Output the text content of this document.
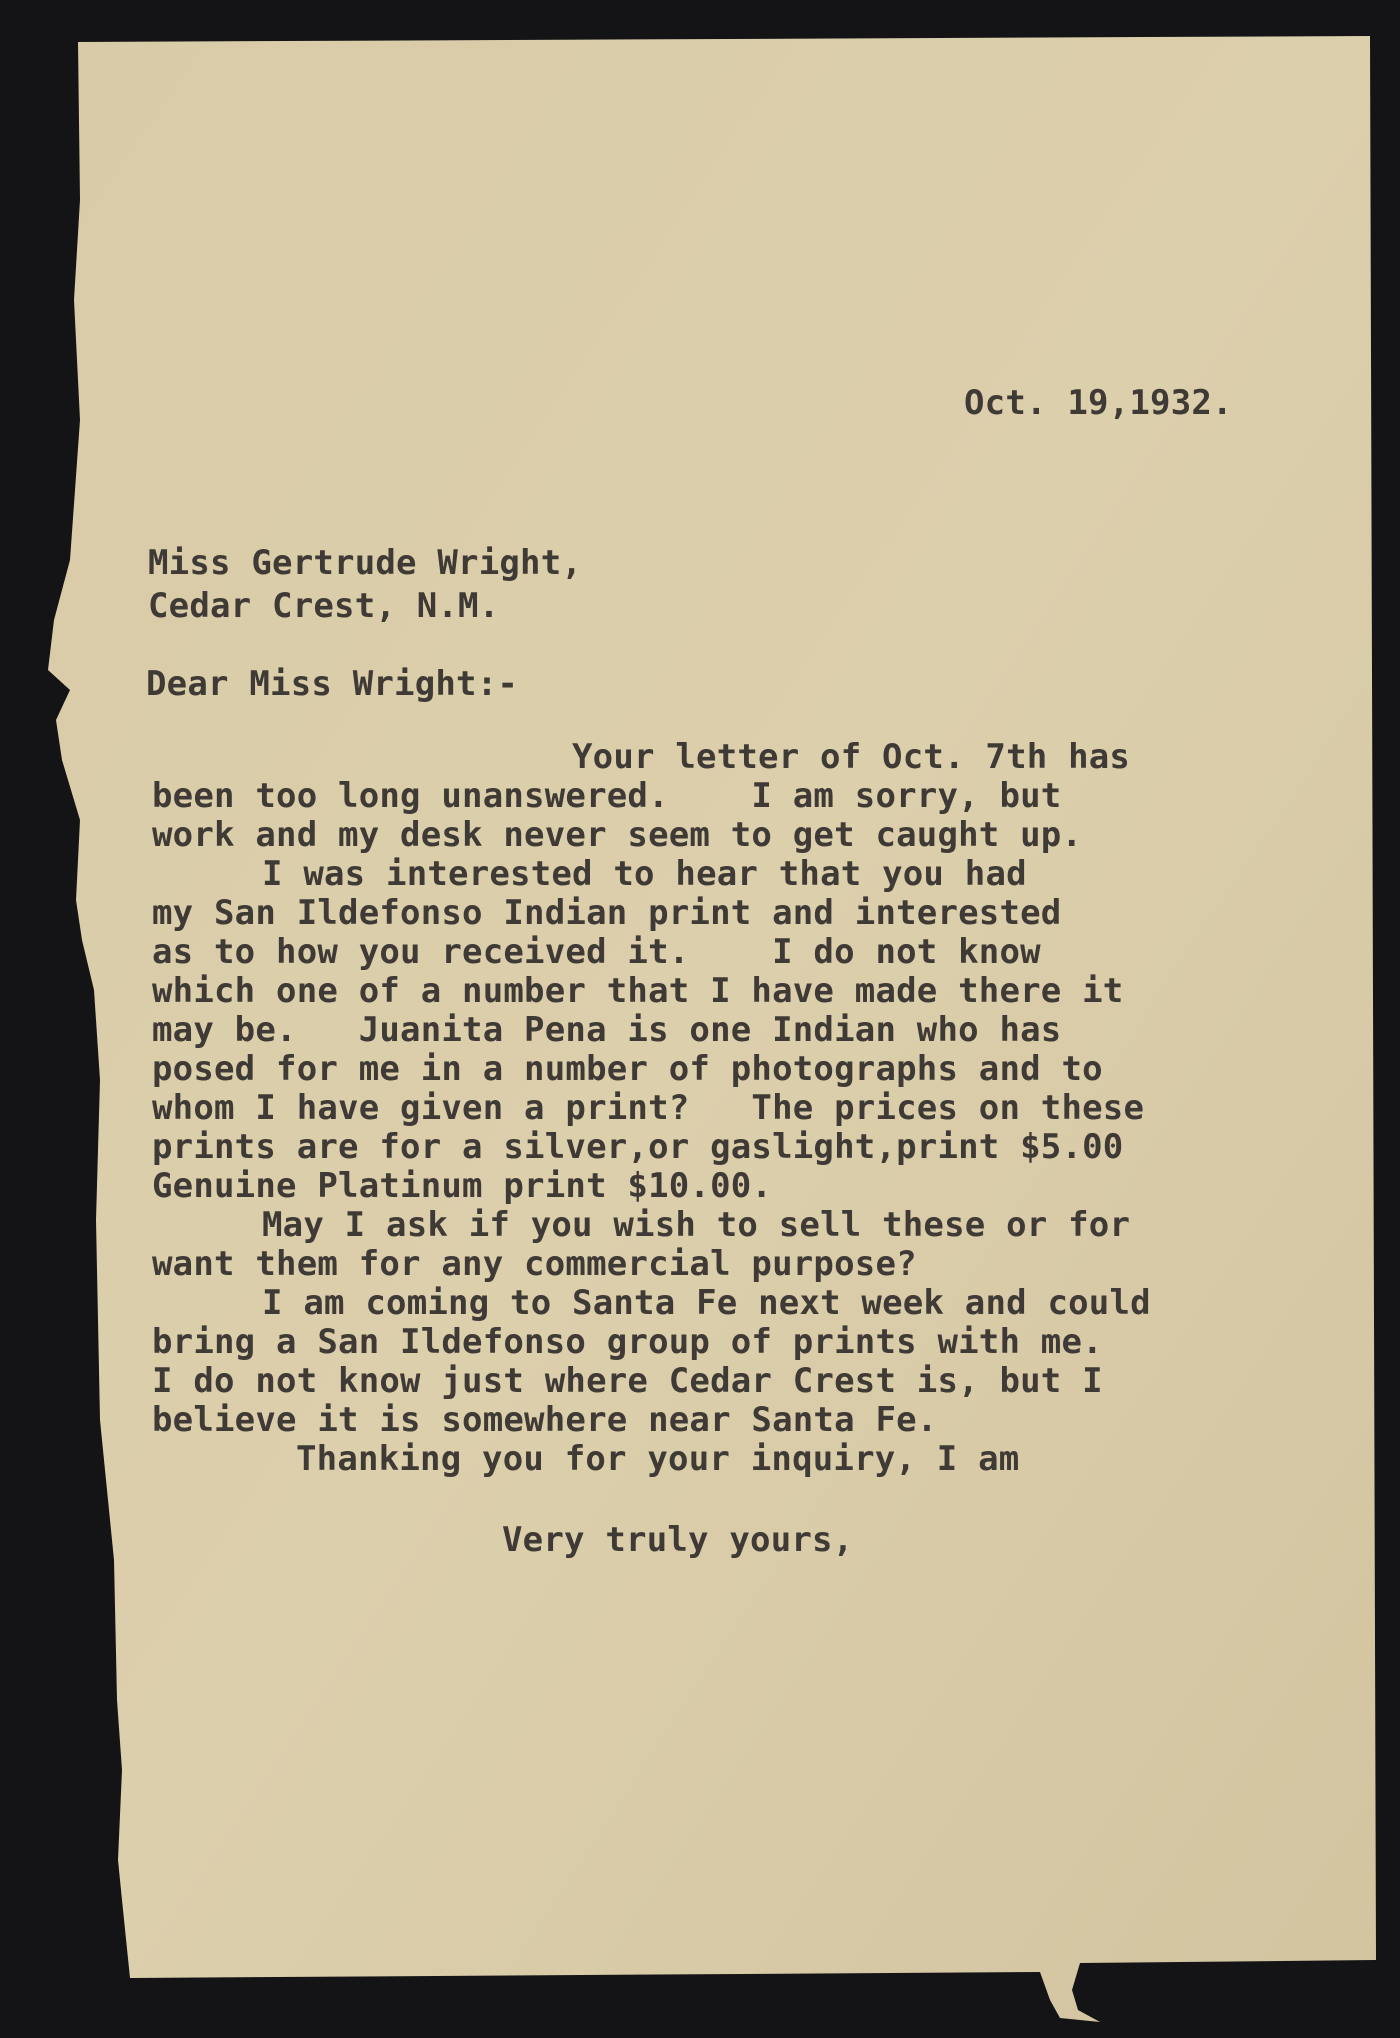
Oct. 19,1932.
Miss Gertrude Wright,
Cedar Crest, N.M.
Dear Miss Wright:-
Your letter of Oct. 7th has
been too long unanswered.    I am sorry, but
work and my desk never seem to get caught up.
I was interested to hear that you had
my San Ildefonso Indian print and interested
as to how you received it.    I do not know
which one of a number that I have made there it
may be.   Juanita Pena is one Indian who has
posed for me in a number of photographs and to
whom I have given a print?   The prices on these
prints are for a silver,or gaslight,print $5.00
Genuine Platinum print $10.00.
May I ask if you wish to sell these or for
want them for any commercial purpose?
I am coming to Santa Fe next week and could
bring a San Ildefonso group of prints with me.
I do not know just where Cedar Crest is, but I
believe it is somewhere near Santa Fe.
Thanking you for your inquiry, I am
Very truly yours,
